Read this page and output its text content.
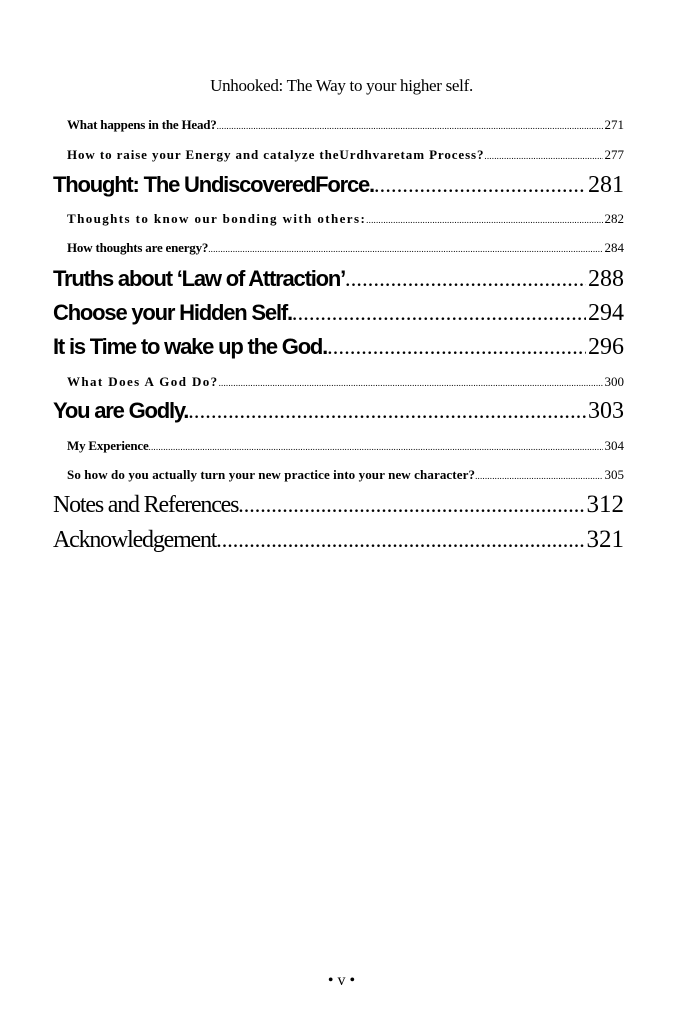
Unhooked: The Way to your higher self.
What happens in the Head? .....	271
How to raise your Energy and catalyze theUrdhvaretam Process? .....	277
Thought: The UndiscoveredForce. .....	281
Thoughts to know our bonding with others: .....	282
How thoughts are energy? .....	284
Truths about ‘Law of Attraction’ .....	288
Choose your Hidden Self. .....	294
It is Time to wake up the God. .....	296
What Does A God Do? .....	300
You are Godly. .....	303
My Experience .....	304
So how do you actually turn your new practice into your new character? .....	305
Notes and References .....	312
Acknowledgement .....	321
• v •
